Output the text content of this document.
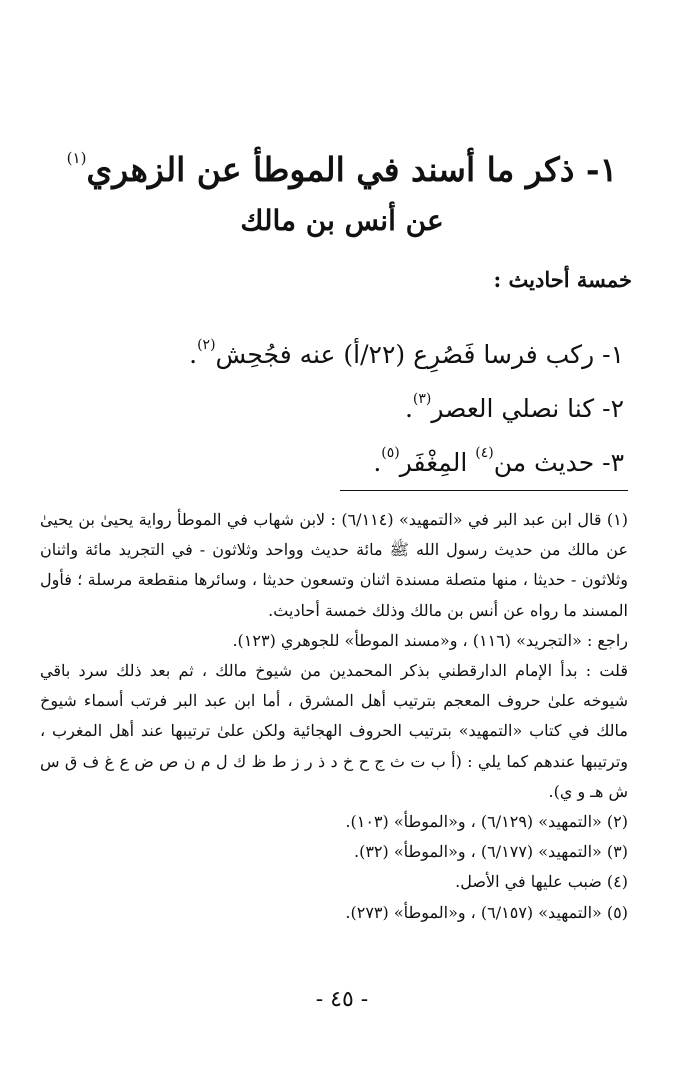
١- ذكر ما أسند في الموطأ عن الزهري$^{(١)}$
عن أنس بن مالك
خمسة أحاديث :
١- ركب فرسا فَصُرِع (٢٢/أ) عنه فجُحِش$^{(٢)}$.
٢- كنا نصلي العصر$^{(٣)}$.
٣- حديث من$^{(٤)}$ المِغْفَر$^{(٥)}$.

(١) قال ابن عبد البر في «التمهيد» (٦/١١٤) : لابن شهاب في الموطأ رواية يحيىٰ بن يحيىٰ عن مالك من حديث رسول الله ﷺ مائة حديث وواحد وثلاثون - في التجريد مائة واثنان وثلاثون - حديثا ، منها متصلة مسندة اثنان وتسعون حديثا ، وسائرها منقطعة مرسلة ؛ فأول المسند ما رواه عن أنس بن مالك وذلك خمسة أحاديث.

راجع : «التجريد» (١١٦) ، و«مسند الموطأ» للجوهري (١٢٣).

قلت : بدأ الإمام الدارقطني بذكر المحمدين من شيوخ مالك ، ثم بعد ذلك سرد باقي شيوخه علىٰ حروف المعجم بترتيب أهل المشرق ، أما ابن عبد البر فرتب أسماء شيوخ مالك في كتاب «التمهيد» بترتيب الحروف الهجائية ولكن علىٰ ترتيبها عند أهل المغرب ، وترتيبها عندهم كما يلي : (أ ب ت ث ج ح خ د ذ ر ز ط ظ ك ل م ن ص ض ع غ ف ق س ش هـ و ي).

(٢) «التمهيد» (٦/١٢٩) ، و«الموطأ» (١٠٣).

(٣) «التمهيد» (٦/١٧٧) ، و«الموطأ» (٣٢).

(٤) ضبب عليها في الأصل.

(٥) «التمهيد» (٦/١٥٧) ، و«الموطأ» (٢٧٣).

- ٤٥ -
